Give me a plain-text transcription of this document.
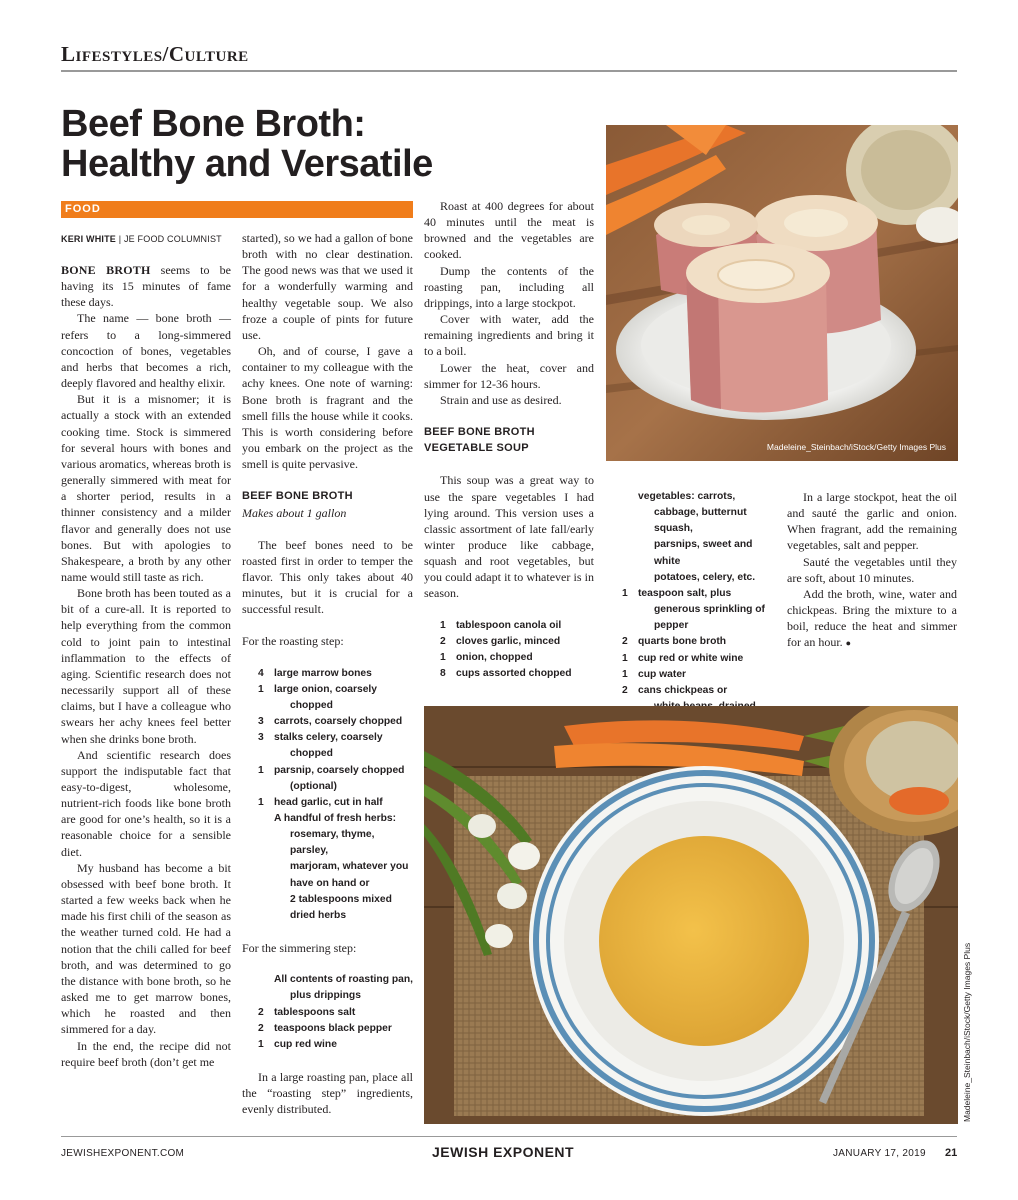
Lifestyles/Culture
Beef Bone Broth:
Healthy and Versatile
FOOD
KERI WHITE | JE FOOD COLUMNIST

BONE BROTH seems to be having its 15 minutes of fame these days.

The name — bone broth — refers to a long-simmered concoction of bones, vegetables and herbs that becomes a rich, deeply flavored and healthy elixir.

But it is a misnomer; it is actually a stock with an extended cooking time. Stock is simmered for several hours with bones and various aromatics, whereas broth is generally simmered with meat for a shorter period, results in a thinner consistency and a milder flavor and generally does not use bones. But with apologies to Shakespeare, a broth by any other name would still taste as rich.

Bone broth has been touted as a bit of a cure-all. It is reported to help everything from the common cold to joint pain to intestinal inflammation to the effects of aging. Scientific research does not necessarily support all of these claims, but I have a colleague who swears her achy knees feel better when she drinks bone broth.

And scientific research does support the indisputable fact that easy-to-digest, wholesome, nutrient-rich foods like bone broth are good for one’s health, so it is a reasonable choice for a sensible diet.

My husband has become a bit obsessed with beef bone broth. It started a few weeks back when he made his first chili of the season as the weather turned cold. He had a notion that the chili called for beef broth, and was determined to go the distance with bone broth, so he asked me to get marrow bones, which he roasted and then simmered for a day.

In the end, the recipe did not require beef broth (don’t get me

started), so we had a gallon of bone broth with no clear destination. The good news was that we used it for a wonderfully warming and healthy vegetable soup. We also froze a couple of pints for future use.

Oh, and of course, I gave a container to my colleague with the achy knees. One note of warning: Bone broth is fragrant and the smell fills the house while it cooks. This is worth considering before you embark on the project as the smell is quite pervasive.

BEEF BONE BROTH

Makes about 1 gallon

The beef bones need to be roasted first in order to temper the flavor. This only takes about 40 minutes, but it is crucial for a successful result.

For the roasting step:

4 large marrow bones
1 large onion, coarsely
chopped
3 carrots, coarsely chopped
3 stalks celery, coarsely
chopped
1 parsnip, coarsely chopped
(optional)
1 head garlic, cut in half
A handful of fresh herbs:
rosemary, thyme, parsley,
marjoram, whatever you
have on hand or
2 tablespoons mixed
dried herbs

For the simmering step:

All contents of roasting pan,
plus drippings
2 tablespoons salt
2 teaspoons black pepper
1 cup red wine

In a large roasting pan, place all the “roasting step” ingredients, evenly distributed.

Roast at 400 degrees for about 40 minutes until the meat is browned and the vegetables are cooked.

Dump the contents of the roasting pan, including all drippings, into a large stockpot.

Cover with water, add the remaining ingredients and bring it to a boil.

Lower the heat, cover and simmer for 12-36 hours.

Strain and use as desired.

BEEF BONE BROTH

VEGETABLE SOUP

This soup was a great way to use the spare vegetables I had lying around. This version uses a classic assortment of late fall/early winter produce like cabbage, squash and root vegetables, but you could adapt it to whatever is in season.

1 tablespoon canola oil
2 cloves garlic, minced
1 onion, chopped
8 cups assorted chopped
vegetables: carrots,
cabbage, butternut squash,
parsnips, sweet and white
potatoes, celery, etc.
1 teaspoon salt, plus
generous sprinkling of
pepper
2 quarts bone broth
1 cup red or white wine
1 cup water
2 cans chickpeas or

In a large stockpot, heat the oil and sauté the garlic and onion. When fragrant, add the remaining vegetables, salt and pepper.

Sauté the vegetables until they are soft, about 10 minutes.

Add the broth, wine, water and chickpeas. Bring the mixture to a boil, reduce the heat and simmer for an hour. ●

Madeleine_Steinbach/iStock/Getty Images Plus
Madeleine_Steinbach/iStock/Getty Images Plus
JEWISHEXPONENT.COM	JEWISH EXPONENT	JANUARY 17, 2019 21
